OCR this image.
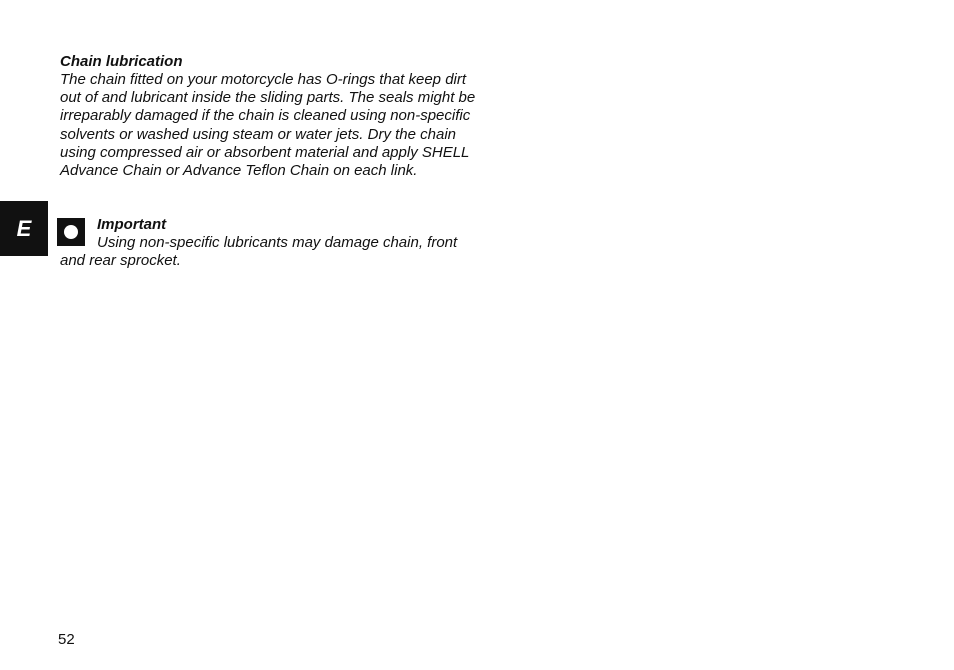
Chain lubrication

The chain fitted on your motorcycle has O-rings that keep dirt out of and lubricant inside the sliding parts. The seals might be irreparably damaged if the chain is cleaned using non-specific solvents or washed using steam or water jets. Dry the chain using compressed air or absorbent material and apply SHELL Advance Chain or Advance Teflon Chain on each link.

E	Important

Using non-specific lubricants may damage chain, front and rear sprocket.

52
